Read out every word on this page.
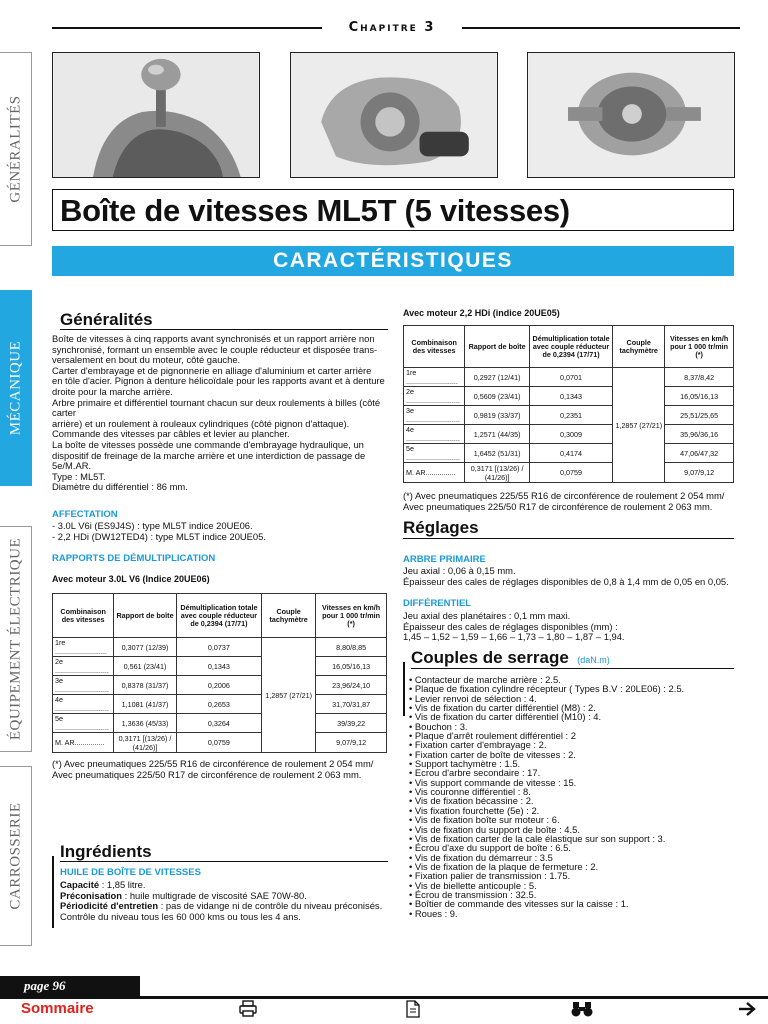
Chapitre 3
Boîte de vitesses ML5T (5 vitesses)
CARACTÉRISTIQUES
GÉNÉRALITÉS
MÉCANIQUE
ÉQUIPEMENT ÉLECTRIQUE
CARROSSERIE
Généralités
Boîte de vitesses à cinq rapports avant synchronisés et un rapport arrière non
synchronisé, formant un ensemble avec le couple réducteur et disposée trans-
versalement en bout du moteur, côté gauche.
Carter d'embrayage et de pignonnerie en alliage d'aluminium et carter arrière
en tôle d'acier. Pignon à denture hélicoïdale pour les rapports avant et à denture
droite pour la marche arrière.
Arbre primaire et différentiel tournant chacun sur deux roulements à billes (côté carter
arrière) et un roulement à rouleaux cylindriques (côté pignon d'attaque).
Commande des vitesses par câbles et levier au plancher.
La boîte de vitesses possède une commande d'embrayage hydraulique, un
dispositif de freinage de la marche arrière et une interdiction de passage de
5e/M.AR.
Type : ML5T.
Diamètre du différentiel : 86 mm.
AFFECTATION
- 3.0L V6i (ES9J4S) : type ML5T indice 20UE06.
- 2,2 HDi (DW12TED4) : type ML5T indice 20UE05.
RAPPORTS DE DÉMULTIPLICATION
Avec moteur 3.0L V6 (Indice 20UE06)
Combinaison des vitesses	Rapport de boîte	Démultiplication totale avec couple réducteur de 0,2394 (17/71)	Couple tachymètre	Vitesses en km/h pour 1 000 tr/min (*)
1re ..........................	0,3077 (12/39)	0,0737	1,2857 (27/21)	8,80/8,85
2e ...........................	0,561 (23/41)	0,1343		16,05/16,13
3e ...........................	0,8378 (31/37)	0,2006		23,96/24,10
4e ...........................	1,1081 (41/37)	0,2653		31,70/31,87
5e ...........................	1,3636 (45/33)	0,3264		39/39,22
M. AR...............	0,3171 [(13/26) / (41/26)]	0,0759		9,07/9,12
(*) Avec pneumatiques 225/55 R16 de circonférence de roulement 2 054 mm/
Avec pneumatiques 225/50 R17 de circonférence de roulement 2 063 mm.
Ingrédients
HUILE DE BOÎTE DE VITESSES
Capacité : 1,85 litre.
Préconisation : huile multigrade de viscosité SAE 70W-80.
Périodicité d'entretien : pas de vidange ni de contrôle du niveau préconisés.
Contrôle du niveau tous les 60 000 kms ou tous les 4 ans.
Avec moteur 2,2 HDi (indice 20UE05)
Combinaison des vitesses	Rapport de boîte	Démultiplication totale avec couple réducteur de 0,2394 (17/71)	Couple tachymètre	Vitesses en km/h pour 1 000 tr/min (*)
1re ..........................	0,2927 (12/41)	0,0701	1,2857 (27/21)	8,37/8,42
2e ...........................	0,5609 (23/41)	0,1343		16,05/16,13
3e ...........................	0,9819 (33/37)	0,2351		25,51/25,65
4e ...........................	1,2571 (44/35)	0,3009		35,96/36,16
5e ...........................	1,6452 (51/31)	0,4174		47,06/47,32
M. AR...............	0,3171 [(13/26) / (41/26)]	0,0759		9,07/9,12
(*) Avec pneumatiques 225/55 R16 de circonférence de roulement 2 054 mm/
Avec pneumatiques 225/50 R17 de circonférence de roulement 2 063 mm.
Réglages
ARBRE PRIMAIRE
Jeu axial : 0,06 à 0,15 mm.
Épaisseur des cales de réglages disponibles de 0,8 à 1,4 mm de 0,05 en 0,05.
DIFFÉRENTIEL
Jeu axial des planétaires : 0,1 mm maxi.
Épaisseur des cales de réglages disponibles (mm) :
1,45 – 1,52 – 1,59 – 1,66 – 1,73 – 1,80 – 1,87 – 1,94.
Couples de serrage (daN.m)
• Contacteur de marche arrière : 2.5.
• Plaque de fixation cylindre récepteur ( Types B.V : 20LE06) : 2.5.
• Levier renvoi de sélection : 4.
• Vis de fixation du carter différentiel (M8) : 2.
• Vis de fixation du carter différentiel (M10) : 4.
• Bouchon : 3.
• Plaque d'arrêt roulement différentiel : 2
• Fixation carter d'embrayage : 2.
• Fixation carter de boîte de vitesses : 2.
• Support tachymètre : 1.5.
• Ecrou d'arbre secondaire : 17.
• Vis support commande de vitesse : 15.
• Vis couronne différentiel : 8.
• Vis de fixation bécassine : 2.
• Vis fixation fourchette (5e) : 2.
• Vis de fixation boîte sur moteur : 6.
• Vis de fixation du support de boîte : 4.5.
• Vis de fixation carter de la cale élastique sur son support : 3.
• Écrou d'axe du support de boîte : 6.5.
• Vis de fixation du démarreur : 3.5
• Vis de fixation de la plaque de fermeture : 2.
• Fixation palier de transmission : 1.75.
• Vis de biellette anticouple : 5.
• Écrou de transmission : 32.5.
• Boîtier de commande des vitesses sur la caisse : 1.
• Roues : 9.
page 96
Sommaire
